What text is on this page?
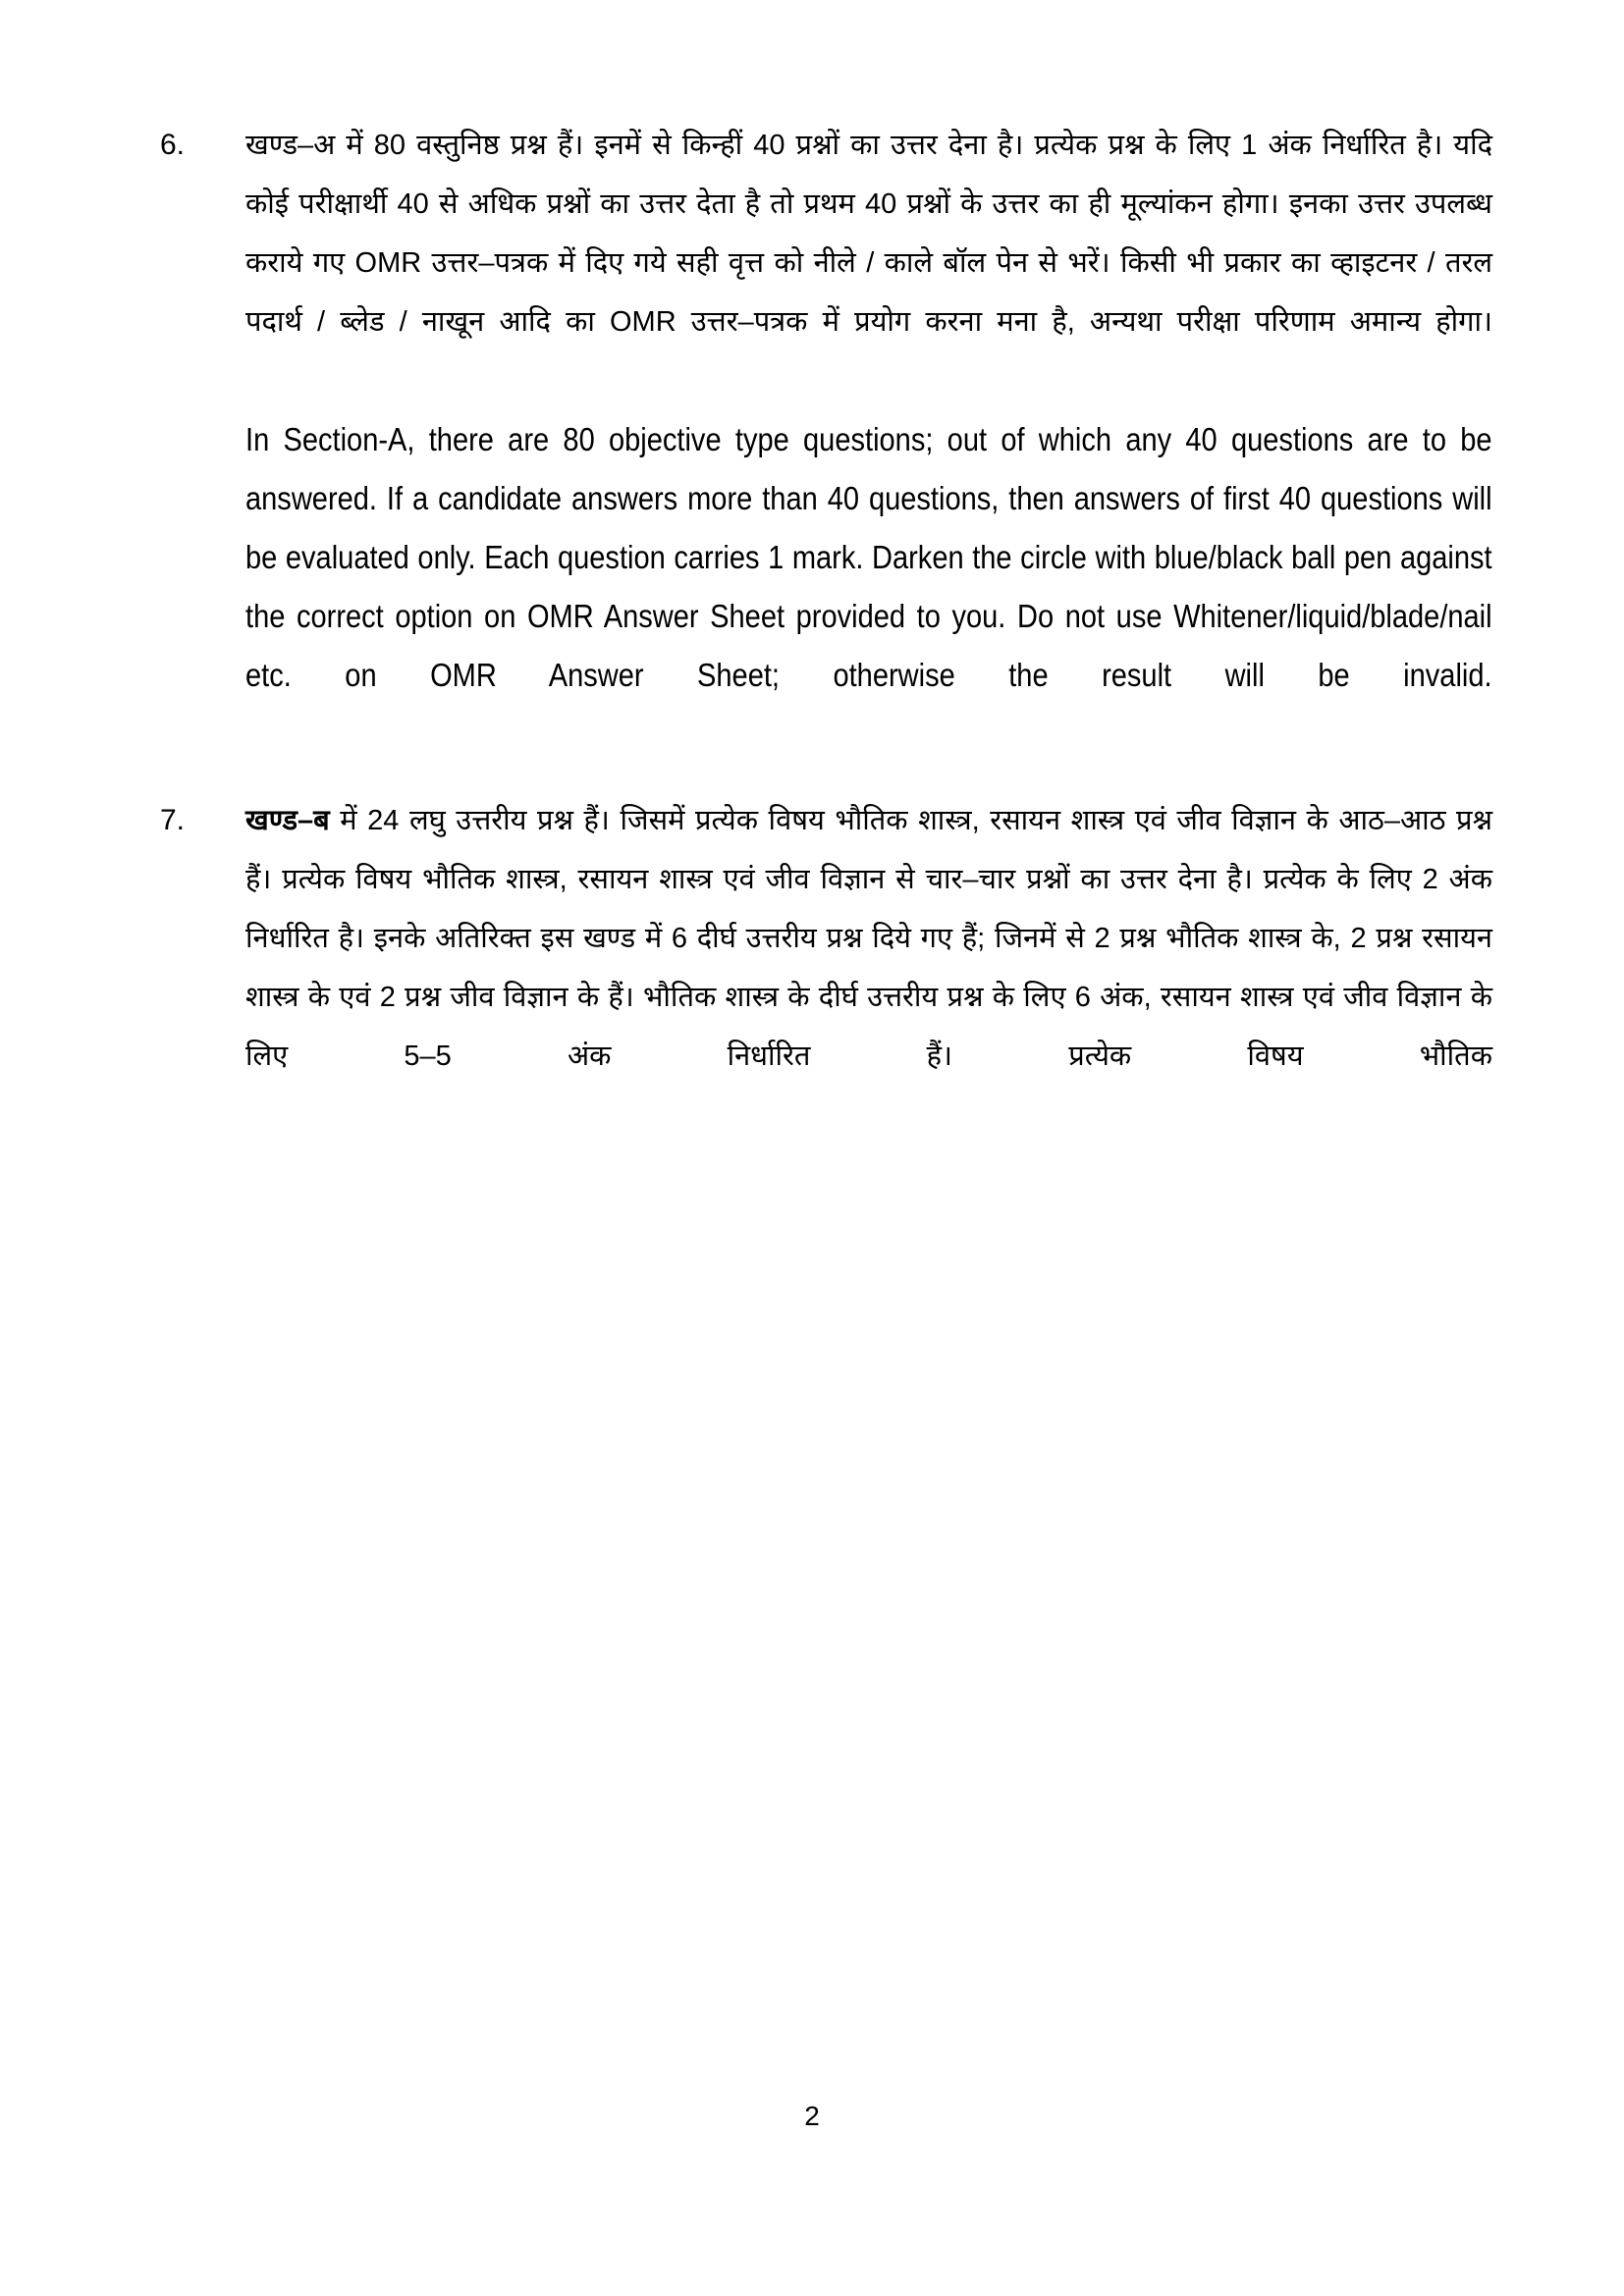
6.	खण्ड–अ में 80 वस्तुनिष्ठ प्रश्न हैं। इनमें से किन्हीं 40 प्रश्नों का उत्तर देना है। प्रत्येक प्रश्न के लिए 1 अंक निर्धारित है। यदि कोई परीक्षार्थी 40 से अधिक प्रश्नों का उत्तर देता है तो प्रथम 40 प्रश्नों के उत्तर का ही मूल्यांकन होगा। इनका उत्तर उपलब्ध कराये गए OMR उत्तर–पत्रक में दिए गये सही वृत्त को नीले / काले बॉल पेन से भरें। किसी भी प्रकार का व्हाइटनर / तरल पदार्थ / ब्लेड / नाखून आदि का OMR उत्तर–पत्रक में प्रयोग करना मना है, अन्यथा परीक्षा परिणाम अमान्य होगा।

In Section-A, there are 80 objective type questions; out of which any 40 questions are to be answered. If a candidate answers more than 40 questions, then answers of first 40 questions will be evaluated only. Each question carries 1 mark. Darken the circle with blue/black ball pen against the correct option on OMR Answer Sheet provided to you. Do not use Whitener/liquid/blade/nail etc. on OMR Answer Sheet; otherwise the result will be invalid.

7.	खण्ड–ब में 24 लघु उत्तरीय प्रश्न हैं। जिसमें प्रत्येक विषय भौतिक शास्त्र, रसायन शास्त्र एवं जीव विज्ञान के आठ–आठ प्रश्न हैं। प्रत्येक विषय भौतिक शास्त्र, रसायन शास्त्र एवं जीव विज्ञान से चार–चार प्रश्नों का उत्तर देना है। प्रत्येक के लिए 2 अंक निर्धारित है। इनके अतिरिक्त इस खण्ड में 6 दीर्घ उत्तरीय प्रश्न दिये गए हैं; जिनमें से 2 प्रश्न भौतिक शास्त्र के, 2 प्रश्न रसायन शास्त्र के एवं 2 प्रश्न जीव विज्ञान के हैं। भौतिक शास्त्र के दीर्घ उत्तरीय प्रश्न के लिए 6 अंक, रसायन शास्त्र एवं जीव विज्ञान के लिए 5–5 अंक निर्धारित हैं। प्रत्येक विषय भौतिक

2
